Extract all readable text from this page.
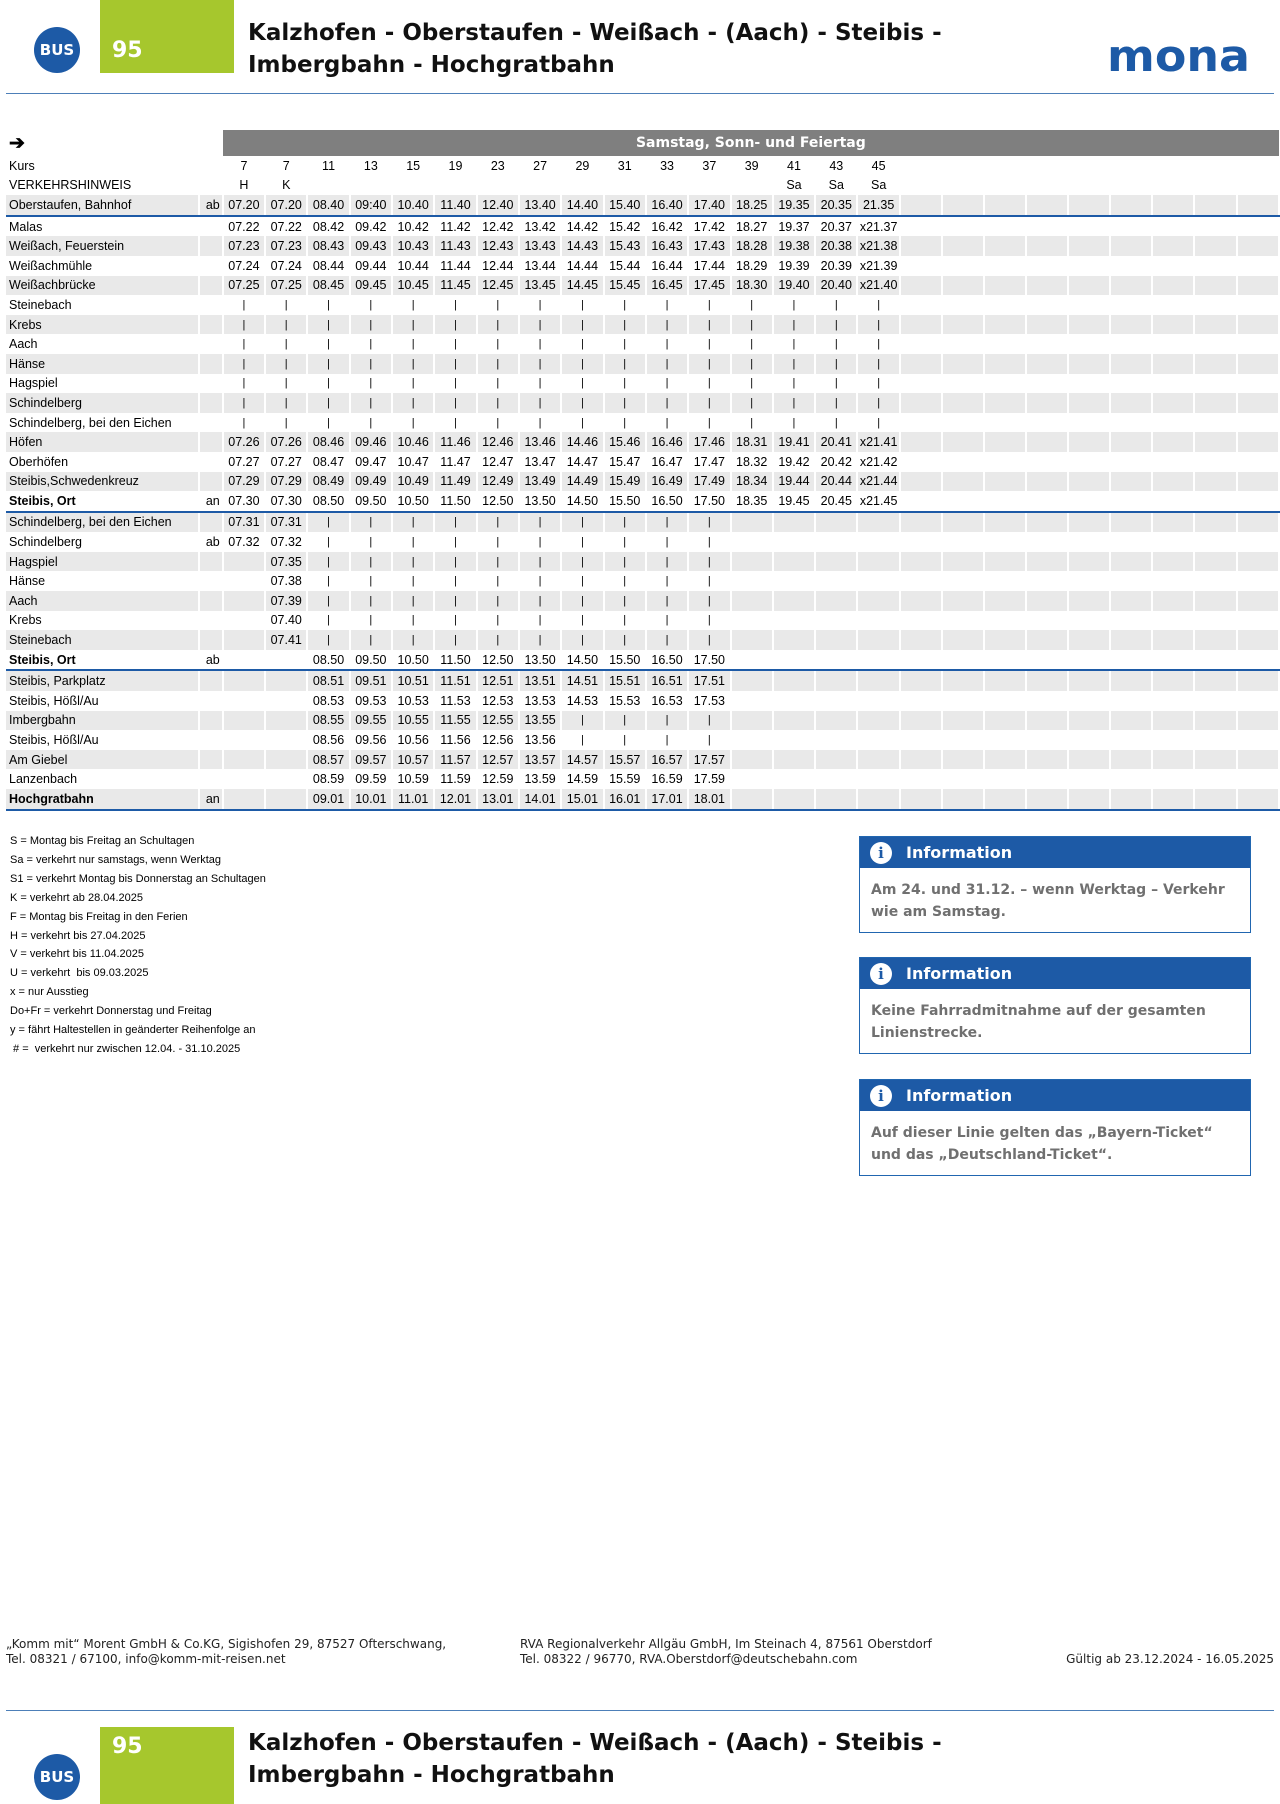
BUS	95
Kalzhofen - Oberstaufen - Weißach - (Aach) - Steibis -
Imbergbahn - Hochgratbahn	mona
➔		Samstag, Sonn- und Feiertag																								
Kurs		7	7	11	13	15	19	23	27	29	31	33	37	39	41	43	45									
VERKEHRSHINWEIS		H	K												Sa	Sa	Sa									
Oberstaufen, Bahnhof	ab	07.20	07.20	08.40	09:40	10.40	11.40	12.40	13.40	14.40	15.40	16.40	17.40	18.25	19.35	20.35	21.35									
Malas		07.22	07.22	08.42	09.42	10.42	11.42	12.42	13.42	14.42	15.42	16.42	17.42	18.27	19.37	20.37	x21.37									
Weißach, Feuerstein		07.23	07.23	08.43	09.43	10.43	11.43	12.43	13.43	14.43	15.43	16.43	17.43	18.28	19.38	20.38	x21.38									
Weißachmühle		07.24	07.24	08.44	09.44	10.44	11.44	12.44	13.44	14.44	15.44	16.44	17.44	18.29	19.39	20.39	x21.39									
Weißachbrücke		07.25	07.25	08.45	09.45	10.45	11.45	12.45	13.45	14.45	15.45	16.45	17.45	18.30	19.40	20.40	x21.40									
Steinebach		|	|	|	|	|	|	|	|	|	|	|	|	|	|	|	|									
Krebs		|	|	|	|	|	|	|	|	|	|	|	|	|	|	|	|									
Aach		|	|	|	|	|	|	|	|	|	|	|	|	|	|	|	|									
Hänse		|	|	|	|	|	|	|	|	|	|	|	|	|	|	|	|									
Hagspiel		|	|	|	|	|	|	|	|	|	|	|	|	|	|	|	|									
Schindelberg		|	|	|	|	|	|	|	|	|	|	|	|	|	|	|	|									
Schindelberg, bei den Eichen		|	|	|	|	|	|	|	|	|	|	|	|	|	|	|	|									
Höfen		07.26	07.26	08.46	09.46	10.46	11.46	12.46	13.46	14.46	15.46	16.46	17.46	18.31	19.41	20.41	x21.41									
Oberhöfen		07.27	07.27	08.47	09.47	10.47	11.47	12.47	13.47	14.47	15.47	16.47	17.47	18.32	19.42	20.42	x21.42									
Steibis,Schwedenkreuz		07.29	07.29	08.49	09.49	10.49	11.49	12.49	13.49	14.49	15.49	16.49	17.49	18.34	19.44	20.44	x21.44									
Steibis, Ort	an	07.30	07.30	08.50	09.50	10.50	11.50	12.50	13.50	14.50	15.50	16.50	17.50	18.35	19.45	20.45	x21.45									
Schindelberg, bei den Eichen		07.31	07.31	|	|	|	|	|	|	|	|	|	|													
Schindelberg	ab	07.32	07.32	|	|	|	|	|	|	|	|	|	|													
Hagspiel			07.35	|	|	|	|	|	|	|	|	|	|													
Hänse			07.38	|	|	|	|	|	|	|	|	|	|													
Aach			07.39	|	|	|	|	|	|	|	|	|	|													
Krebs			07.40	|	|	|	|	|	|	|	|	|	|													
Steinebach			07.41	|	|	|	|	|	|	|	|	|	|													
Steibis, Ort	ab			08.50	09.50	10.50	11.50	12.50	13.50	14.50	15.50	16.50	17.50													
Steibis, Parkplatz				08.51	09.51	10.51	11.51	12.51	13.51	14.51	15.51	16.51	17.51													
Steibis, Hößl/Au				08.53	09.53	10.53	11.53	12.53	13.53	14.53	15.53	16.53	17.53													
Imbergbahn				08.55	09.55	10.55	11.55	12.55	13.55	|	|	|	|													
Steibis, Hößl/Au				08.56	09.56	10.56	11.56	12.56	13.56	|	|	|	|													
Am Giebel				08.57	09.57	10.57	11.57	12.57	13.57	14.57	15.57	16.57	17.57													
Lanzenbach				08.59	09.59	10.59	11.59	12.59	13.59	14.59	15.59	16.59	17.59													
Hochgratbahn	an			09.01	10.01	11.01	12.01	13.01	14.01	15.01	16.01	17.01	18.01													
S = Montag bis Freitag an Schultagen
Sa = verkehrt nur samstags, wenn Werktag
S1 = verkehrt Montag bis Donnerstag an Schultagen
K = verkehrt ab 28.04.2025
F = Montag bis Freitag in den Ferien
H = verkehrt bis 27.04.2025
V = verkehrt bis 11.04.2025
U = verkehrt  bis 09.03.2025
x = nur Ausstieg
Do+Fr = verkehrt Donnerstag und Freitag
y = fährt Haltestellen in geänderter Reihenfolge an
# =  verkehrt nur zwischen 12.04. - 31.10.2025
i	Information
Am 24. und 31.12. – wenn Werktag – Verkehr wie am Samstag.
i	Information
Keine Fahrradmitnahme auf der gesamten Linienstrecke.
i	Information
Auf dieser Linie gelten das „Bayern-Ticket“ und das „Deutschland-Ticket“.
„Komm mit“ Morent GmbH & Co.KG, Sigishofen 29, 87527 Ofterschwang,
Tel. 08321 / 67100, info@komm-mit-reisen.net
RVA Regionalverkehr Allgäu GmbH, Im Steinach 4, 87561 Oberstdorf
Tel. 08322 / 96770, RVA.Oberstdorf@deutschebahn.com	Gültig ab 23.12.2024 - 16.05.2025
BUS
95	Kalzhofen - Oberstaufen - Weißach - (Aach) - Steibis -
Imbergbahn - Hochgratbahn
